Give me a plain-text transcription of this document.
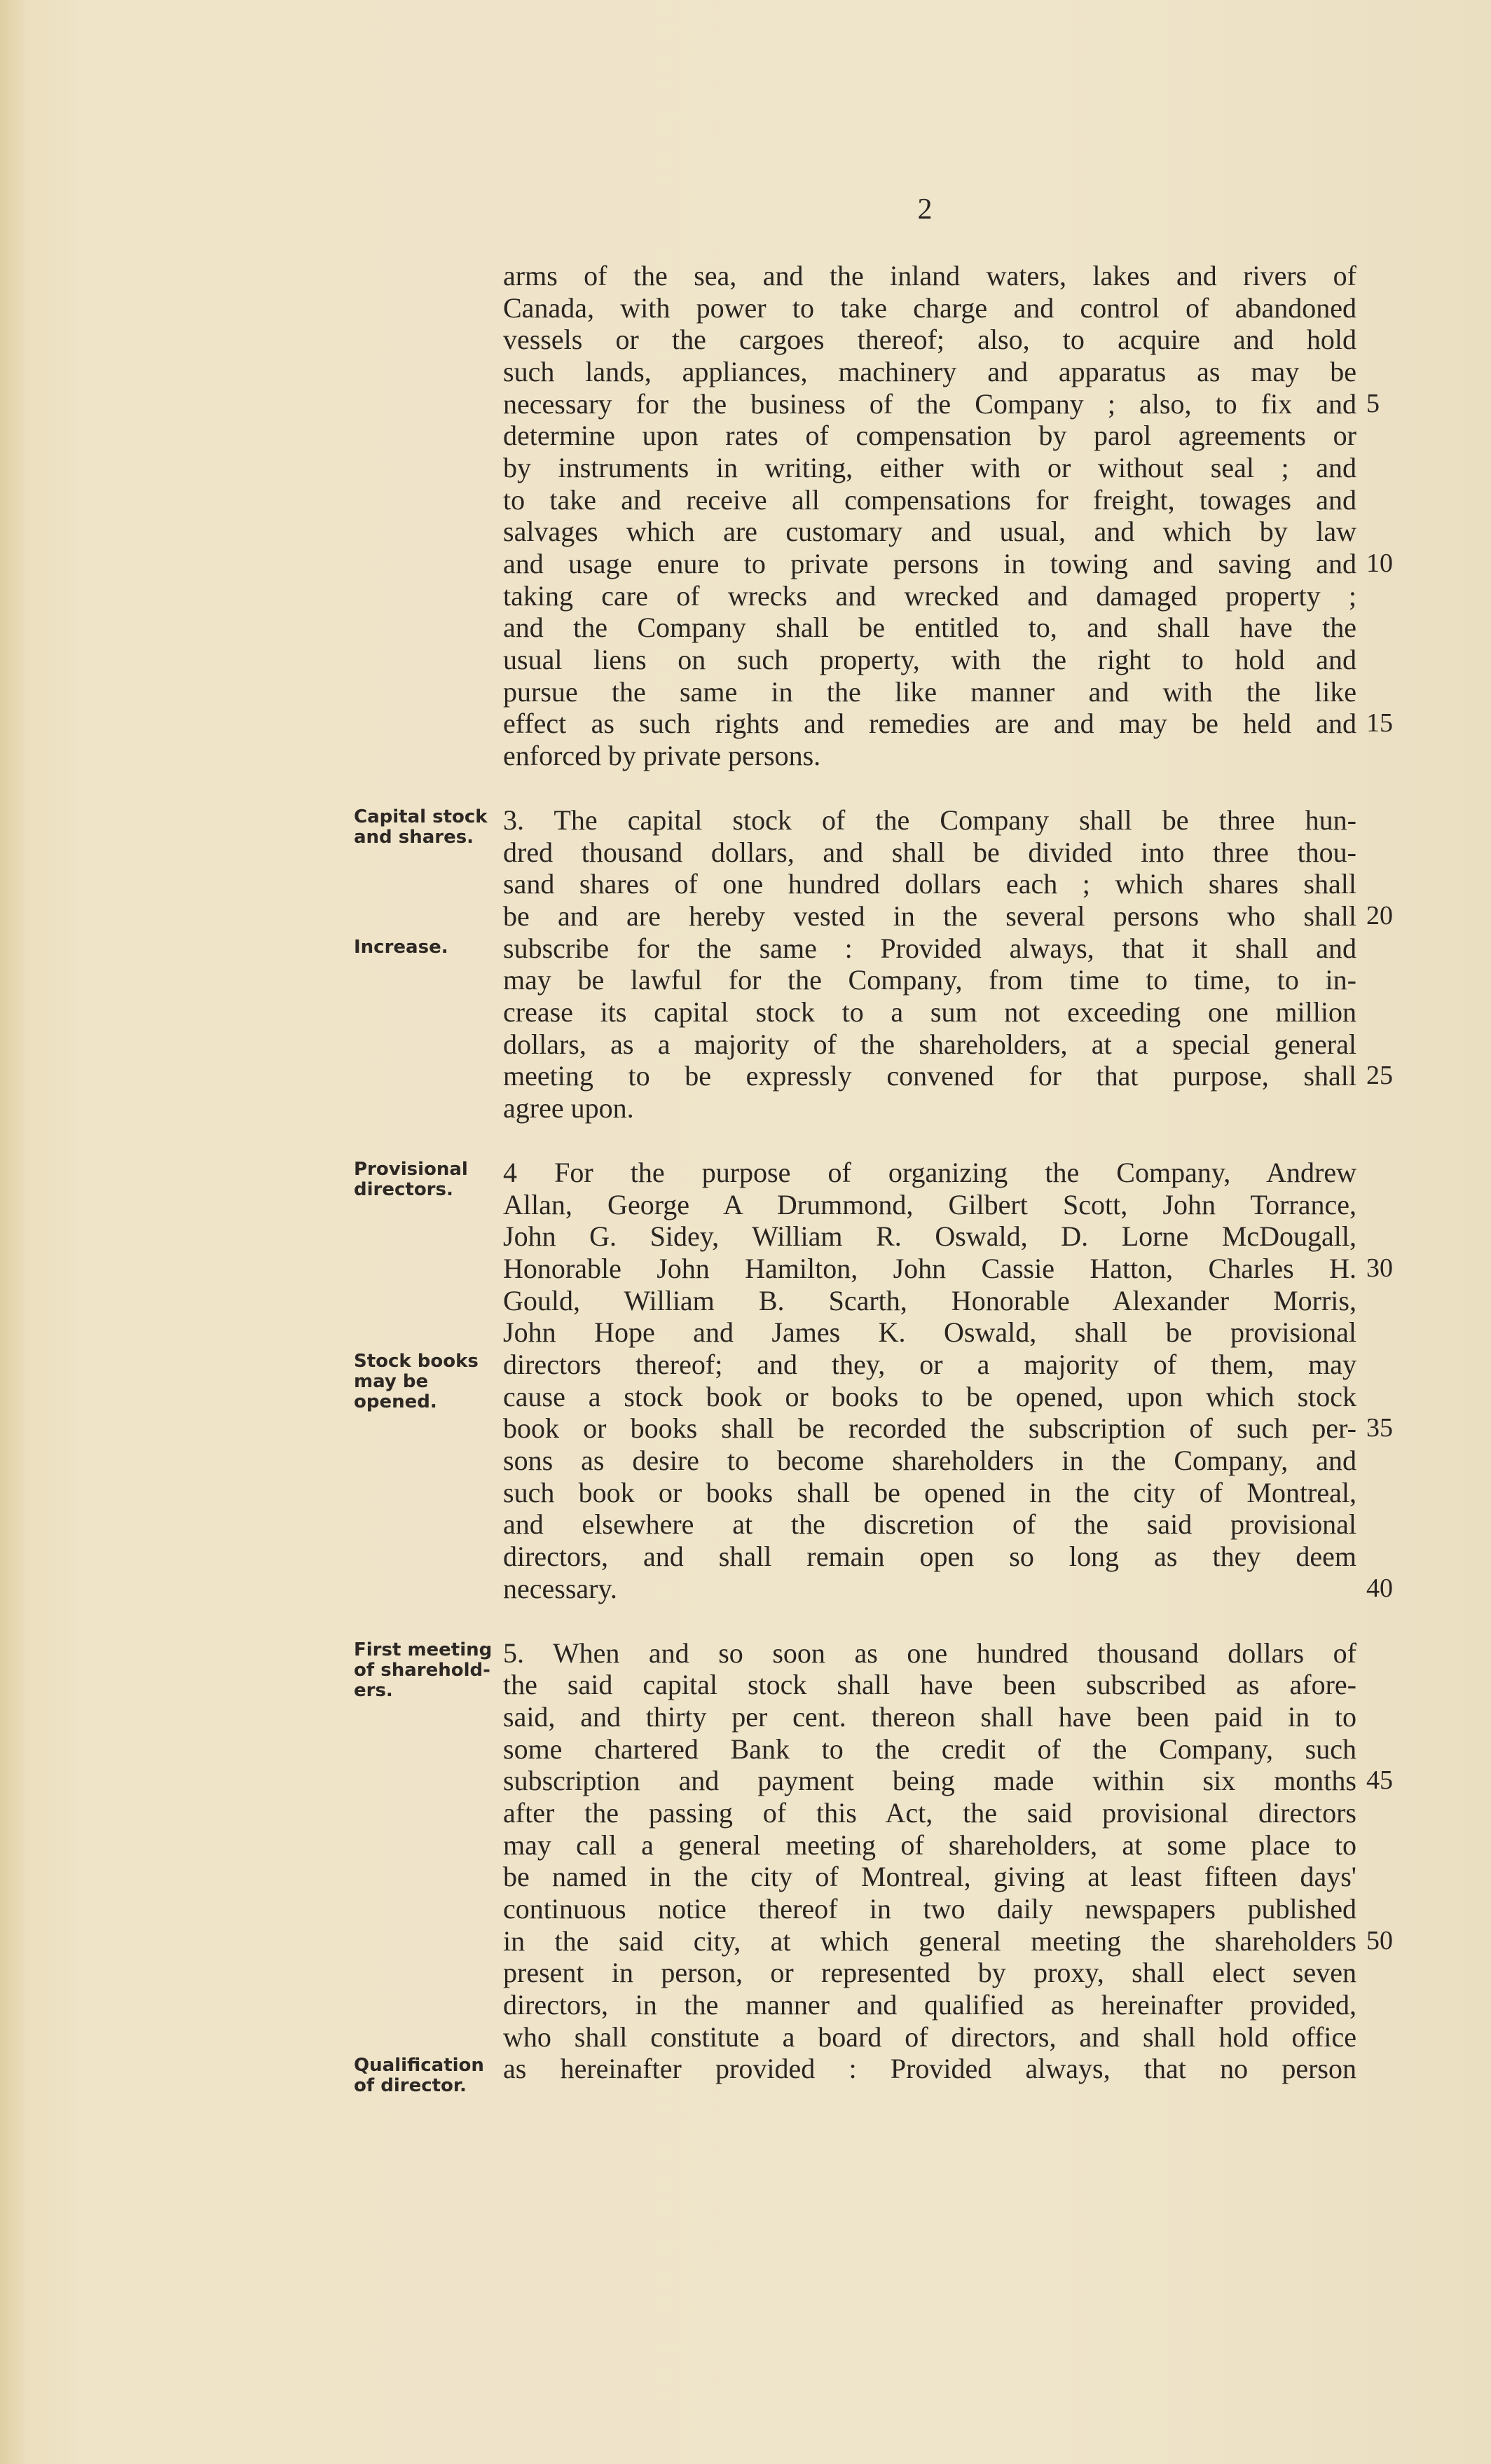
2
arms of the sea, and the inland waters, lakes and rivers of
Canada, with power to take charge and control of abandoned
vessels or the cargoes thereof; also, to acquire and hold
such lands, appliances, machinery and apparatus as may be
necessary for the business of the Company ; also, to fix and
determine upon rates of compensation by parol agreements or
by instruments in writing, either with or without seal ; and
to take and receive all compensations for freight, towages and
salvages which are customary and usual, and which by law
and usage enure to private persons in towing and saving and
taking care of wrecks and wrecked and damaged property ;
and the Company shall be entitled to, and shall have the
usual liens on such property, with the right to hold and
pursue the same in the like manner and with the like
effect as such rights and remedies are and may be held and
enforced by private persons.
3. The capital stock of the Company shall be three hun-
dred thousand dollars, and shall be divided into three thou-
sand shares of one hundred dollars each ; which shares shall
be and are hereby vested in the several persons who shall
subscribe for the same : Provided always, that it shall and
may be lawful for the Company, from time to time, to in-
crease its capital stock to a sum not exceeding one million
dollars, as a majority of the shareholders, at a special general
meeting to be expressly convened for that purpose, shall
agree upon.
4 For the purpose of organizing the Company, Andrew
Allan, George A Drummond, Gilbert Scott, John Torrance,
John G. Sidey, William R. Oswald, D. Lorne McDougall,
Honorable John Hamilton, John Cassie Hatton, Charles H.
Gould, William B. Scarth, Honorable Alexander Morris,
John Hope and James K. Oswald, shall be provisional
directors thereof; and they, or a majority of them, may
cause a stock book or books to be opened, upon which stock
book or books shall be recorded the subscription of such per-
sons as desire to become shareholders in the Company, and
such book or books shall be opened in the city of Montreal,
and elsewhere at the discretion of the said provisional
directors, and shall remain open so long as they deem
necessary.
5. When and so soon as one hundred thousand dollars of
the said capital stock shall have been subscribed as afore-
said, and thirty per cent. thereon shall have been paid in to
some chartered Bank to the credit of the Company, such
subscription and payment being made within six months
after the passing of this Act, the said provisional directors
may call a general meeting of shareholders, at some place to
be named in the city of Montreal, giving at least fifteen days'
continuous notice thereof in two daily newspapers published
in the said city, at which general meeting the shareholders
present in person, or represented by proxy, shall elect seven
directors, in the manner and qualified as hereinafter provided,
who shall constitute a board of directors, and shall hold office
as hereinafter provided : Provided always, that no person
5
10
15
20
25
30
35
40
45
50
Capital stock
and shares.
Increase.
Provisional
directors.
Stock books
may be
opened.
First meeting
of sharehold-
ers.
Qualification
of director.
